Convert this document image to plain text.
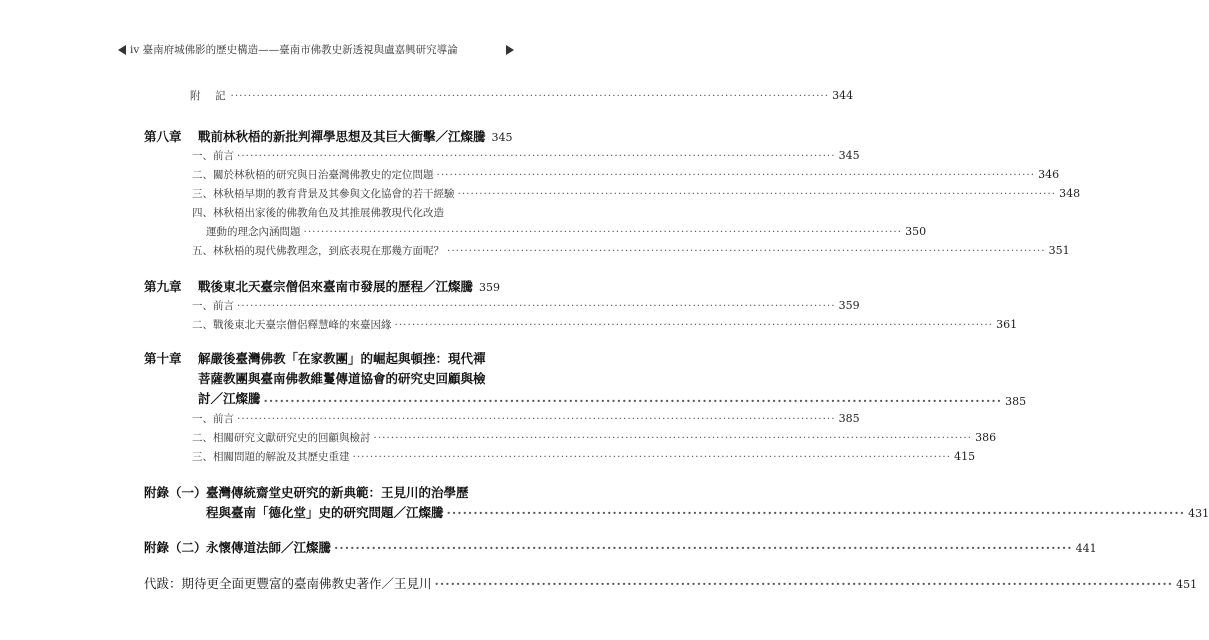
iv 臺南府城佛影的歷史構造——臺南市佛教史新透視與盧嘉興研究導論
附　記 ·····	344
第八章 戰前林秋梧的新批判禪學思想及其巨大衝擊／江燦騰 345
一、前言 ·····	345
二、關於林秋梧的研究與日治臺灣佛教史的定位問題 ·····	346
三、林秋梧早期的教育背景及其參與文化協會的若干經驗 ·····	348
四、林秋梧出家後的佛教角色及其推展佛教現代化改造
運動的理念內涵問題 ·····	350
五、林秋梧的現代佛教理念，到底表現在那幾方面呢？ ·····	351
第九章 戰後東北天臺宗僧侶來臺南市發展的歷程／江燦騰 359
一、前言 ·····	359
二、戰後東北天臺宗僧侶釋慧峰的來臺因緣 ·····	361
第十章 解嚴後臺灣佛教「在家教團」的崛起與頓挫：現代禪
菩薩教團與臺南佛教維鬘傳道協會的研究史回顧與檢
討／江燦騰 ·····	385
一、前言 ·····	385
二、相關研究文獻研究史的回顧與檢討 ·····	386
三、相關問題的解說及其歷史重建 ·····	415
附錄（一） 臺灣傳統齋堂史研究的新典範：王見川的治學歷
程與臺南「德化堂」史的研究問題／江燦騰 ·····	431
附錄（二） 永懷傳道法師／江燦騰 ·····	441
代跋：期待更全面更豐富的臺南佛教史著作／王見川 ·····	451
